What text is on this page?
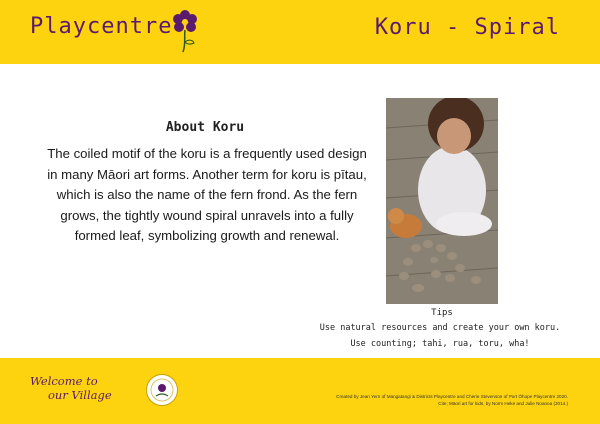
Playcentre	Koru - Spiral
About Koru
The coiled motif of the koru is a frequently used design in many Māori art forms. Another term for koru is pītau, which is also the name of the fern frond. As the fern grows, the tightly wound spiral unravels into a fully formed leaf, symbolizing growth and renewal.
Tips
Use natural resources and create your own koru.
Use counting; tahi, rua, toru, wha!
Welcome to
our Village	Created by Jean Yern of Mangatangi & Districts Playcentre and Cherie Stevenson of Port Ōhope Playcentre 2020.
Cite; Māori art for kids, by Norm Heke and Julie Noanoa (2014.)
